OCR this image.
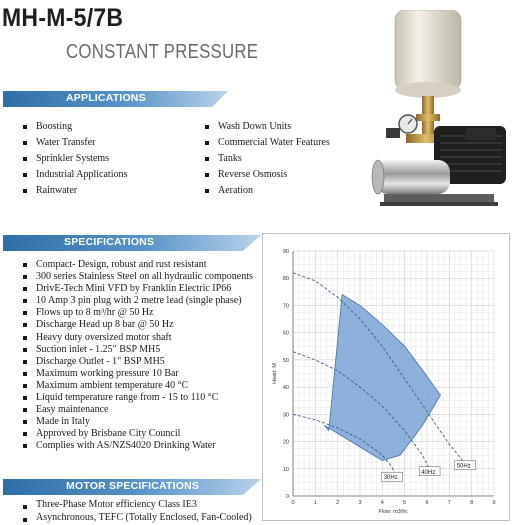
MH-M-5/7B
CONSTANT PRESSURE
APPLICATIONS
Boosting
Water Transfer
Sprinkler Systems
Industrial Applications
Rainwater
Wash Down Units
Commercial Water Features
Tanks
Reverse Osmosis
Aeration
SPECIFICATIONS
Compact- Design, robust and rust resistant
300 series Stainless Steel on all hydraulic components
DrivE-Tech Mini VFD by Franklin Electric IP66
10 Amp 3 pin plug with 2 metre lead (single phase)
Flows up to 8 m³/hr @ 50 Hz
Discharge Head up 8 bar @ 50 Hz
Heavy duty oversized motor shaft
Suction inlet - 1.25" BSP MH5
Discharge Outlet - 1" BSP MH5
Maximum working pressure 10 Bar
Maximum ambient temperature 40 °C
Liquid temperature range from - 15 to 110 °C
Easy maintenance
Made in Italy
Approved by Brisbane City Council
Complies with AS/NZS4020 Drinking Water
MOTOR SPECIFICATIONS
Three-Phase Motor efficiency Class IE3
Asynchronous, TEFC (Totally Enclosed, Fan-Cooled)
50Hz
40Hz
30Hz
0
10
20
30
40
50
60
70
80
90
0	1	2	3	4	5	6	7	8	9
Flow: m3/hr.
Head: M
